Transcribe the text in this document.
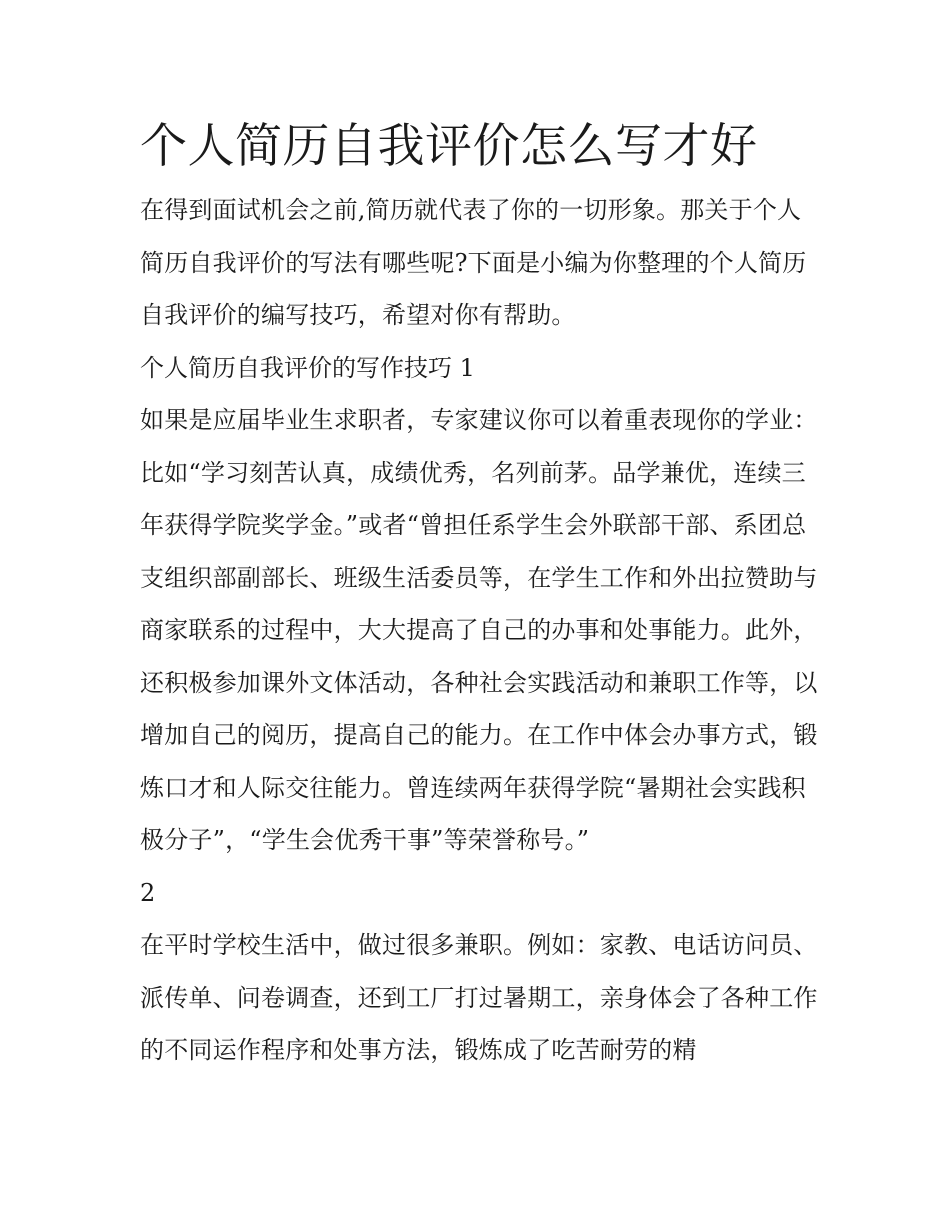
个人简历自我评价怎么写才好

在得到面试机会之前,简历就代表了你的一切形象。那关于个人简历自我评价的写法有哪些呢?下面是小编为你整理的个人简历自我评价的编写技巧，希望对你有帮助。

个人简历自我评价的写作技巧 1

如果是应届毕业生求职者，专家建议你可以着重表现你的学业：比如“学习刻苦认真，成绩优秀，名列前茅。品学兼优，连续三年获得学院奖学金。”或者“曾担任系学生会外联部干部、系团总支组织部副部长、班级生活委员等，在学生工作和外出拉赞助与商家联系的过程中，大大提高了自己的办事和处事能力。此外，还积极参加课外文体活动，各种社会实践活动和兼职工作等，以增加自己的阅历，提高自己的能力。在工作中体会办事方式，锻炼口才和人际交往能力。曾连续两年获得学院“暑期社会实践积极分子”，“学生会优秀干事”等荣誉称号。”

2

在平时学校生活中，做过很多兼职。例如：家教、电话访问员、派传单、问卷调查，还到工厂打过暑期工，亲身体会了各种工作的不同运作程序和处事方法，锻炼成了吃苦耐劳的精
